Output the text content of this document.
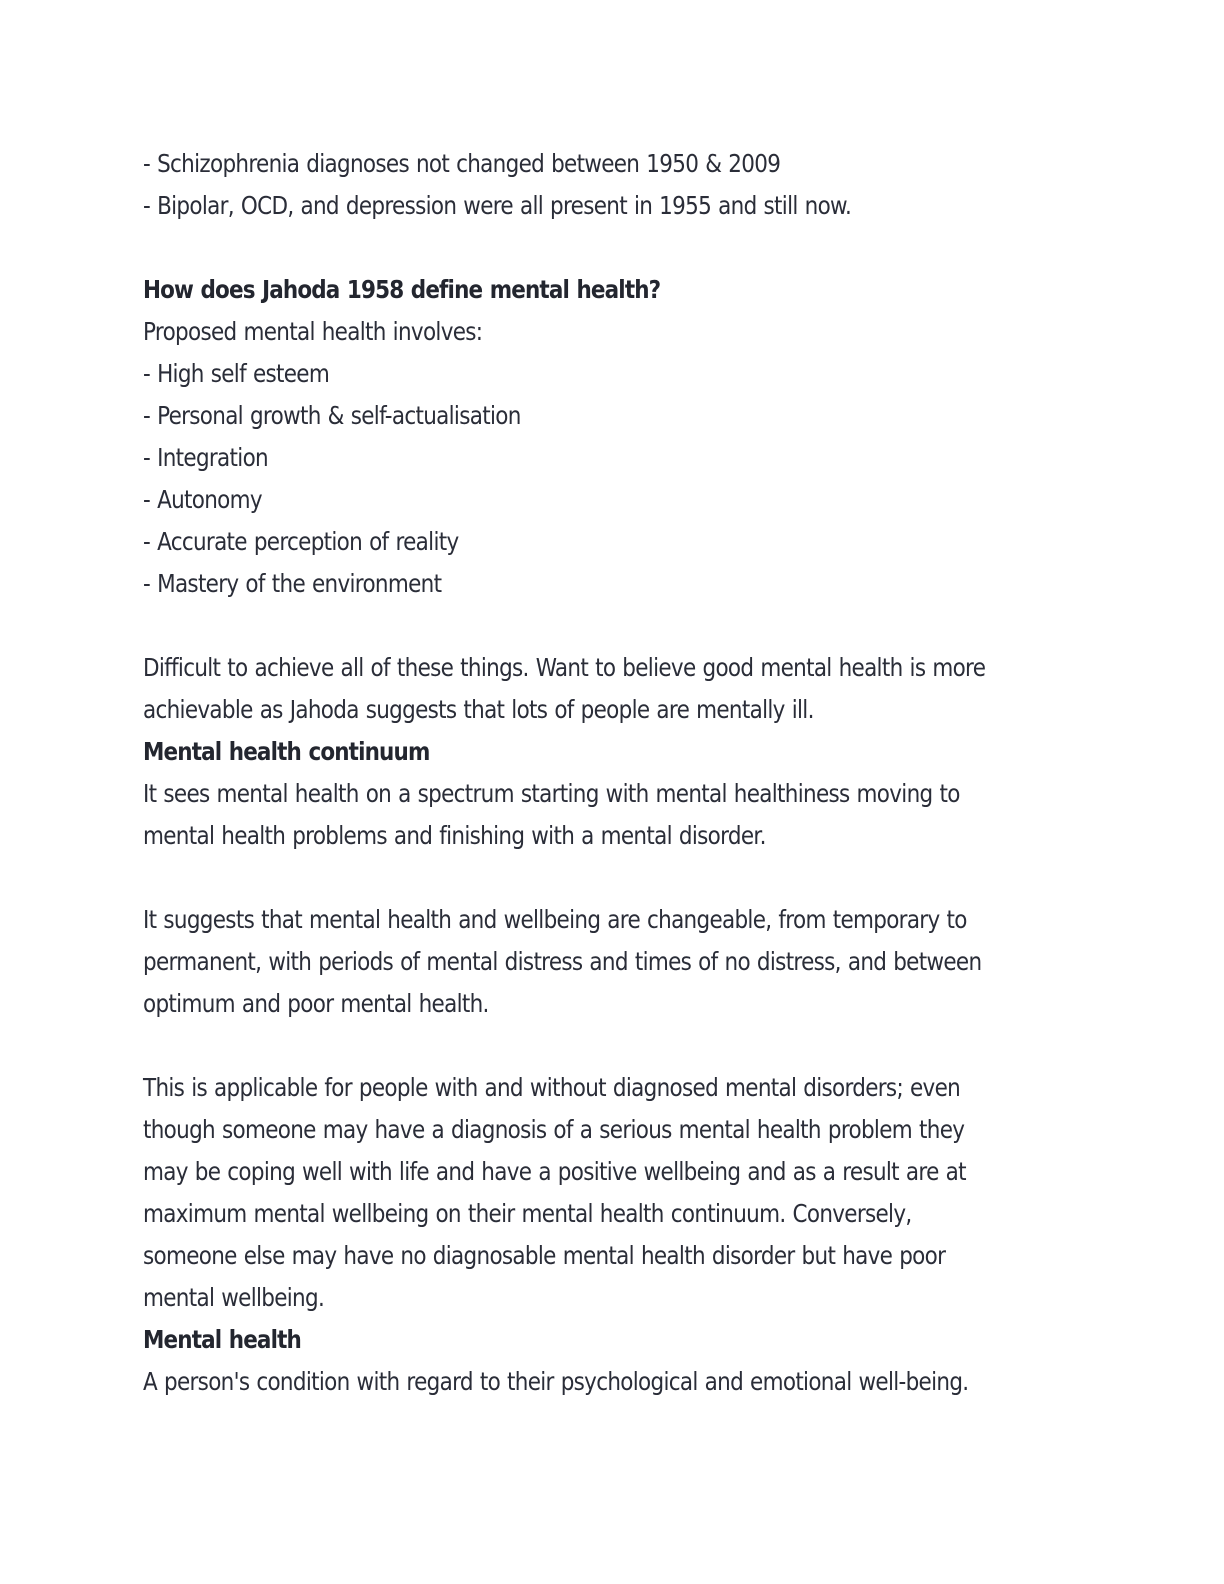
- Schizophrenia diagnoses not changed between 1950 & 2009
- Bipolar, OCD, and depression were all present in 1955 and still now.
How does Jahoda 1958 define mental health?
Proposed mental health involves:
- High self esteem
- Personal growth & self-actualisation
- Integration
- Autonomy
- Accurate perception of reality
- Mastery of the environment
Difficult to achieve all of these things. Want to believe good mental health is more
achievable as Jahoda suggests that lots of people are mentally ill.
Mental health continuum
It sees mental health on a spectrum starting with mental healthiness moving to
mental health problems and finishing with a mental disorder.
It suggests that mental health and wellbeing are changeable, from temporary to
permanent, with periods of mental distress and times of no distress, and between
optimum and poor mental health.
This is applicable for people with and without diagnosed mental disorders; even
though someone may have a diagnosis of a serious mental health problem they
may be coping well with life and have a positive wellbeing and as a result are at
maximum mental wellbeing on their mental health continuum. Conversely,
someone else may have no diagnosable mental health disorder but have poor
mental wellbeing.
Mental health
A person's condition with regard to their psychological and emotional well-being.
